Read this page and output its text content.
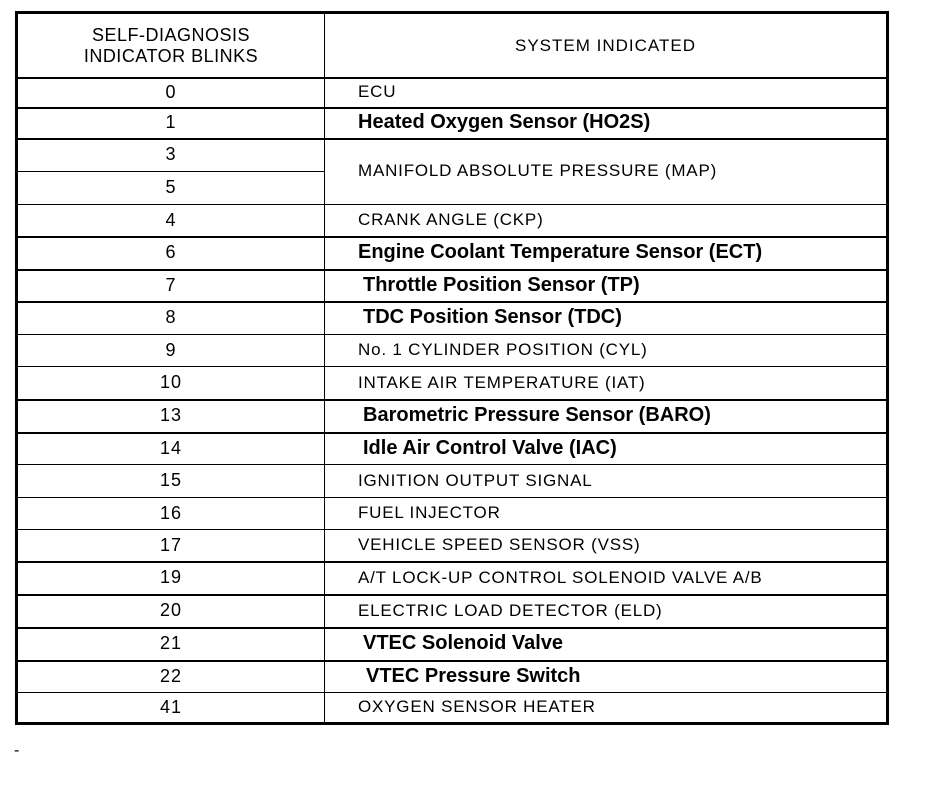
SELF-DIAGNOSIS
INDICATOR BLINKS
SYSTEM INDICATED
0
1
3
5
4
6
7
8
9
10
13
14
15
16
17
19
20
21
22
41
ECU
Heated Oxygen Sensor (HO2S)
MANIFOLD ABSOLUTE PRESSURE (MAP)
CRANK ANGLE (CKP)
Engine Coolant Temperature Sensor (ECT)
Throttle Position Sensor (TP)
TDC Position Sensor (TDC)
No. 1 CYLINDER POSITION (CYL)
INTAKE AIR TEMPERATURE (IAT)
Barometric Pressure Sensor (BARO)
Idle Air Control Valve (IAC)
IGNITION OUTPUT SIGNAL
FUEL INJECTOR
VEHICLE SPEED SENSOR (VSS)
A/T LOCK-UP CONTROL SOLENOID VALVE A/B
ELECTRIC LOAD DETECTOR (ELD)
VTEC Solenoid Valve
VTEC Pressure Switch
OXYGEN SENSOR HEATER
-
